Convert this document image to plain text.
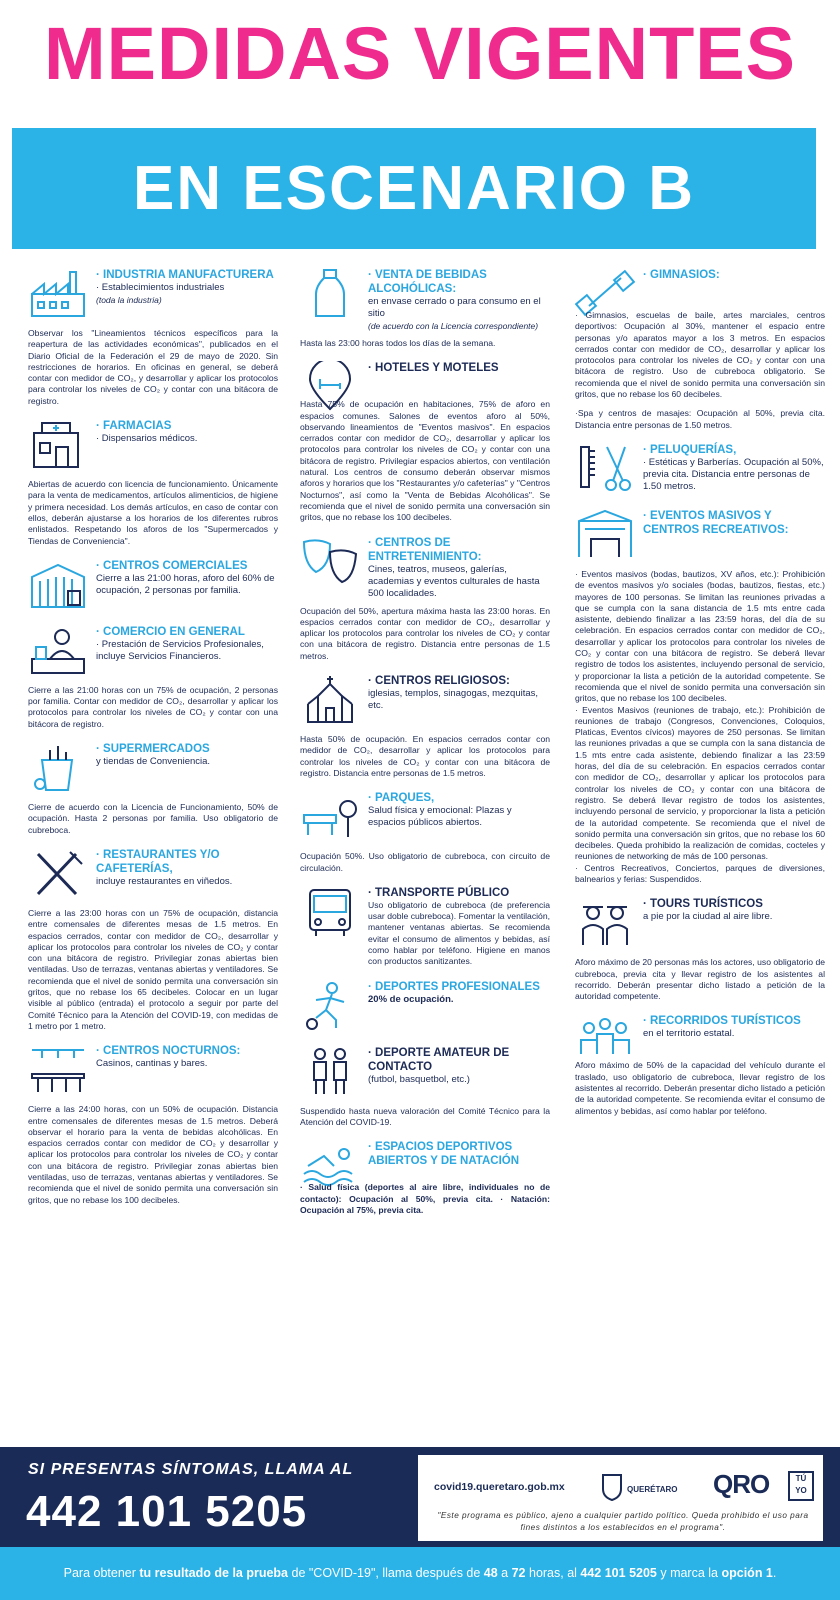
MEDIDAS VIGENTES
EN ESCENARIO B
· INDUSTRIA MANUFACTURERA
· Establecimientos industriales
(toda la industria)
Observar los "Lineamientos técnicos específicos para la reapertura de las actividades económicas", publicados en el Diario Oficial de la Federación el 29 de mayo de 2020. Sin restricciones de horarios. En oficinas en general, se deberá contar con medidor de CO₂, y desarrollar y aplicar los protocolos para controlar los niveles de CO₂ y contar con una bitácora de registro.
· FARMACIAS
· Dispensarios médicos.
Abiertas de acuerdo con licencia de funcionamiento. Únicamente para la venta de medicamentos, artículos alimenticios, de higiene y primera necesidad. Los demás artículos, en caso de contar con ellos, deberán ajustarse a los horarios de los diferentes rubros enlistados. Respetando los aforos de los "Supermercados y Tiendas de Conveniencia".
· CENTROS COMERCIALES
Cierre a las 21:00 horas, aforo del 60% de ocupación, 2 personas por familia.
· COMERCIO EN GENERAL
· Prestación de Servicios Profesionales, incluye Servicios Financieros.
Cierre a las 21:00 horas con un 75% de ocupación, 2 personas por familia. Contar con medidor de CO₂, desarrollar y aplicar los protocolos para controlar los niveles de CO₂ y contar con una bitácora de registro.
· SUPERMERCADOS
y tiendas de Conveniencia.
Cierre de acuerdo con la Licencia de Funcionamiento, 50% de ocupación. Hasta 2 personas por familia. Uso obligatorio de cubreboca.
· RESTAURANTES Y/O CAFETERÍAS,
incluye restaurantes en viñedos.
Cierre a las 23:00 horas con un 75% de ocupación, distancia entre comensales de diferentes mesas de 1.5 metros. En espacios cerrados, contar con medidor de CO₂, desarrollar y aplicar los protocolos para controlar los niveles de CO₂ y contar con una bitácora de registro. Privilegiar zonas abiertas bien ventiladas. Uso de terrazas, ventanas abiertas y ventiladores. Se recomienda que el nivel de sonido permita una conversación sin gritos, que no rebase los 65 decibeles. Colocar en un lugar visible al público (entrada) el protocolo a seguir por parte del Comité Técnico para la Atención del COVID-19, con medidas de 1 metro por 1 metro.
· CENTROS NOCTURNOS:
Casinos, cantinas y bares.
Cierre a las 24:00 horas, con un 50% de ocupación. Distancia entre comensales de diferentes mesas de 1.5 metros. Deberá observar el horario para la venta de bebidas alcohólicas. En espacios cerrados contar con medidor de CO₂ y desarrollar y aplicar los protocolos para controlar los niveles de CO₂ y contar con una bitácora de registro. Privilegiar zonas abiertas bien ventiladas, uso de terrazas, ventanas abiertas y ventiladores. Se recomienda que el nivel de sonido permita una conversación sin gritos, que no rebase los 100 decibeles.
· VENTA DE BEBIDAS ALCOHÓLICAS:
en envase cerrado o para consumo en el sitio
(de acuerdo con la Licencia correspondiente)
Hasta las 23:00 horas todos los días de la semana.
· HOTELES Y MOTELES
Hasta 75% de ocupación en habitaciones, 75% de aforo en espacios comunes. Salones de eventos aforo al 50%, observando lineamientos de "Eventos masivos". En espacios cerrados contar con medidor de CO₂, desarrollar y aplicar los protocolos para controlar los niveles de CO₂ y contar con una bitácora de registro. Privilegiar espacios abiertos, con ventilación natural. Los centros de consumo deberán observar mismos aforos y horarios que los "Restaurantes y/o cafeterías" y "Centros Nocturnos", así como la "Venta de Bebidas Alcohólicas". Se recomienda que el nivel de sonido permita una conversación sin gritos, que no rebase los 100 decibeles.
· CENTROS DE ENTRETENIMIENTO:
Cines, teatros, museos, galerías, academias y eventos culturales de hasta 500 localidades.
Ocupación del 50%, apertura máxima hasta las 23:00 horas. En espacios cerrados contar con medidor de CO₂, desarrollar y aplicar los protocolos para controlar los niveles de CO₂ y contar con una bitácora de registro. Distancia entre personas de 1.5 metros.
· CENTROS RELIGIOSOS:
iglesias, templos, sinagogas, mezquitas, etc.
Hasta 50% de ocupación. En espacios cerrados contar con medidor de CO₂, desarrollar y aplicar los protocolos para controlar los niveles de CO₂ y contar con una bitácora de registro. Distancia entre personas de 1.5 metros.
· PARQUES,
Salud física y emocional: Plazas y espacios públicos abiertos.
Ocupación 50%. Uso obligatorio de cubreboca, con circuito de circulación.
· TRANSPORTE PÚBLICO
Uso obligatorio de cubreboca (de preferencia usar doble cubreboca). Fomentar la ventilación, mantener ventanas abiertas. Se recomienda evitar el consumo de alimentos y bebidas, así como hablar por teléfono. Higiene en manos con productos sanitizantes.
· DEPORTES PROFESIONALES
20% de ocupación.
· DEPORTE AMATEUR DE CONTACTO
(futbol, basquetbol, etc.)
Suspendido hasta nueva valoración del Comité Técnico para la Atención del COVID-19.
· ESPACIOS DEPORTIVOS ABIERTOS Y DE NATACIÓN
· Salud física (deportes al aire libre, individuales no de contacto): Ocupación al 50%, previa cita. · Natación: Ocupación al 75%, previa cita.
· GIMNASIOS:
· Gimnasios, escuelas de baile, artes marciales, centros deportivos: Ocupación al 30%, mantener el espacio entre personas y/o aparatos mayor a los 3 metros. En espacios cerrados contar con medidor de CO₂, desarrollar y aplicar los protocolos para controlar los niveles de CO₂ y contar con una bitácora de registro. Uso de cubreboca obligatorio. Se recomienda que el nivel de sonido permita una conversación sin gritos, que no rebase los 60 decibeles.
·Spa y centros de masajes: Ocupación al 50%, previa cita. Distancia entre personas de 1.50 metros.
· PELUQUERÍAS,
· Estéticas y Barberías. Ocupación al 50%, previa cita. Distancia entre personas de 1.50 metros.
· EVENTOS MASIVOS Y CENTROS RECREATIVOS:
· Eventos masivos (bodas, bautizos, XV años, etc.): Prohibición de eventos masivos y/o sociales (bodas, bautizos, fiestas, etc.) mayores de 100 personas. Se limitan las reuniones privadas a que se cumpla con la sana distancia de 1.5 mts entre cada asistente, debiendo finalizar a las 23:59 horas, del día de su celebración. En espacios cerrados contar con medidor de CO₂, desarrollar y aplicar los protocolos para controlar los niveles de CO₂ y contar con una bitácora de registro. Se deberá llevar registro de todos los asistentes, incluyendo personal de servicio, y proporcionar la lista a petición de la autoridad competente. Se recomienda que el nivel de sonido permita una conversación sin gritos, que no rebase los 100 decibeles.
· Eventos Masivos (reuniones de trabajo, etc.): Prohibición de reuniones de trabajo (Congresos, Convenciones, Coloquios, Platicas, Eventos cívicos) mayores de 250 personas. Se limitan las reuniones privadas a que se cumpla con la sana distancia de 1.5 mts entre cada asistente, debiendo finalizar a las 23:59 horas, del día de su celebración. En espacios cerrados contar con medidor de CO₂, desarrollar y aplicar los protocolos para controlar los niveles de CO₂ y contar con una bitácora de registro. Se deberá llevar registro de todos los asistentes, incluyendo personal de servicio, y proporcionar la lista a petición de la autoridad competente. Se recomienda que el nivel de sonido permita una conversación sin gritos, que no rebase los 60 decibeles. Queda prohibido la realización de comidas, cocteles y reuniones de networking de más de 100 personas.
· Centros Recreativos, Conciertos, parques de diversiones, balnearios y ferias: Suspendidos.
· TOURS TURÍSTICOS
a pie por la ciudad al aire libre.
Aforo máximo de 20 personas más los actores, uso obligatorio de cubreboca, previa cita y llevar registro de los asistentes al recorrido. Deberán presentar dicho listado a petición de la autoridad competente.
· RECORRIDOS TURÍSTICOS
en el territorio estatal.
Aforo máximo de 50% de la capacidad del vehículo durante el traslado, uso obligatorio de cubreboca, llevar registro de los asistentes al recorrido. Deberán presentar dicho listado a petición de la autoridad competente. Se recomienda evitar el consumo de alimentos y bebidas, así como hablar por teléfono.
SI PRESENTAS SÍNTOMAS, LLAMA AL
442 101 5205	covid19.queretaro.gob.mx	QUERÉTARO QRO	TÚ YO
"Este programa es público, ajeno a cualquier partido político. Queda prohibido el uso para fines distintos a los establecidos en el programa".
Para obtener tu resultado de la prueba de "COVID-19", llama después de 48 a 72 horas, al 442 101 5205 y marca la opción 1.
